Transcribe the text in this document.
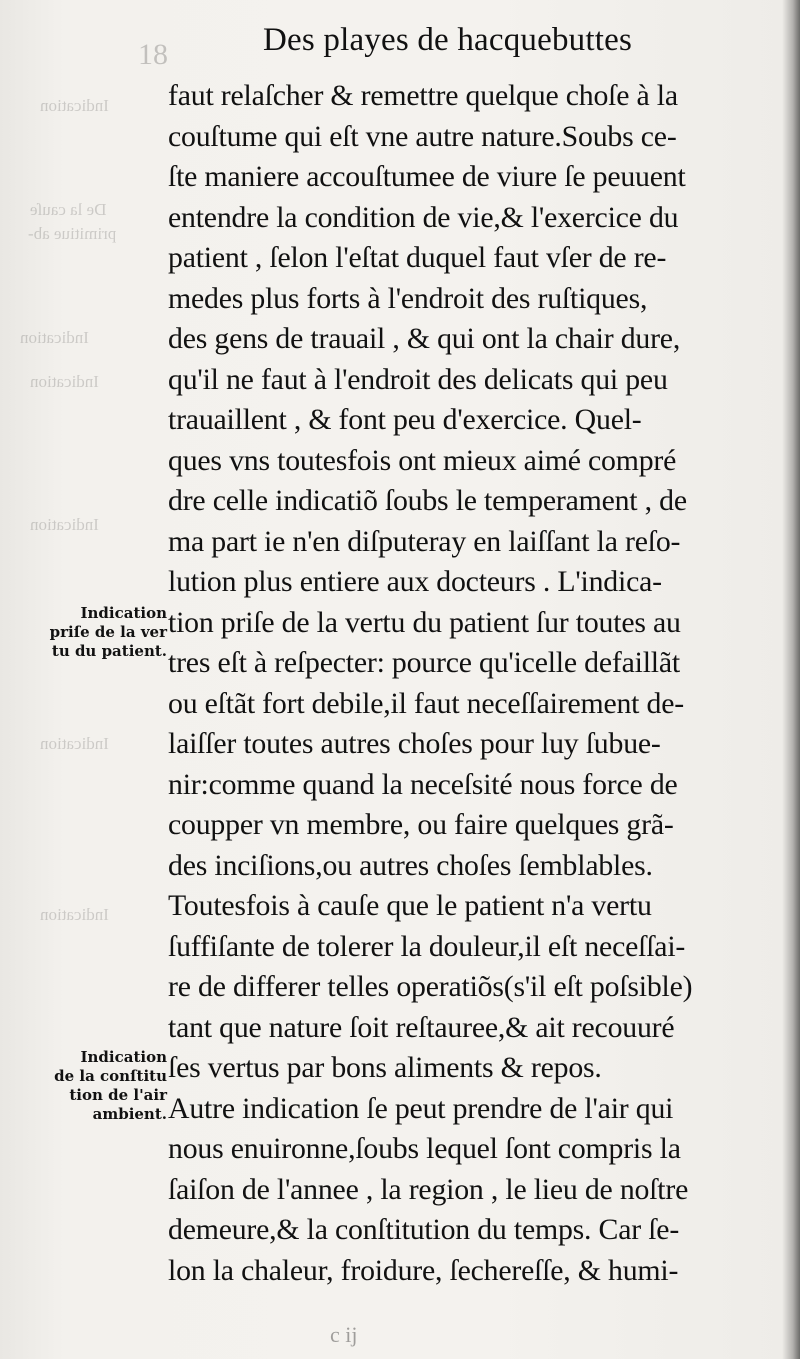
Indication
De la cauſe
primitiue ab-
Indication
Indication
Indication
Indication
Indication
18	Des playes de hacquebuttes
faut relaſcher & remettre quelque choſe à la
couſtume qui eſt vne autre nature.Soubs ce-
ſte maniere accouſtumee de viure ſe peuuent
entendre la condition de vie,& l'exercice du
patient , ſelon l'eſtat duquel faut vſer de re-
medes plus forts à l'endroit des ruſtiques,
des gens de trauail , & qui ont la chair dure,
qu'il ne faut à l'endroit des delicats qui peu
trauaillent , & font peu d'exercice. Quel-
ques vns toutesfois ont mieux aimé compré
dre celle indicatiõ ſoubs le temperament , de
ma part ie n'en diſputeray en laiſſant la reſo-
lution plus entiere aux docteurs . L'indica-
tion priſe de la vertu du patient ſur toutes au
tres eſt à reſpecter: pource qu'icelle defaillãt
ou eſtãt fort debile,il faut neceſſairement de-
laiſſer toutes autres choſes pour luy ſubue-
nir:comme quand la neceſsité nous force de
coupper vn membre, ou faire quelques grã-
des inciſions,ou autres choſes ſemblables.
Toutesfois à cauſe que le patient n'a vertu
ſuffiſante de tolerer la douleur,il eſt neceſſai-
re de differer telles operatiõs(s'il eſt poſsible)
tant que nature ſoit reſtauree,& ait recouuré
ſes vertus par bons aliments & repos.
Autre indication ſe peut prendre de l'air qui
nous enuironne,ſoubs lequel ſont compris la
ſaiſon de l'annee , la region , le lieu de noſtre
demeure,& la conſtitution du temps. Car ſe-
lon la chaleur, froidure, ſechereſſe, & humi-
Indication
priſe de la ver
tu du patient.
Indication
de la conſtitu
tion de l'air
ambient.
c ij
